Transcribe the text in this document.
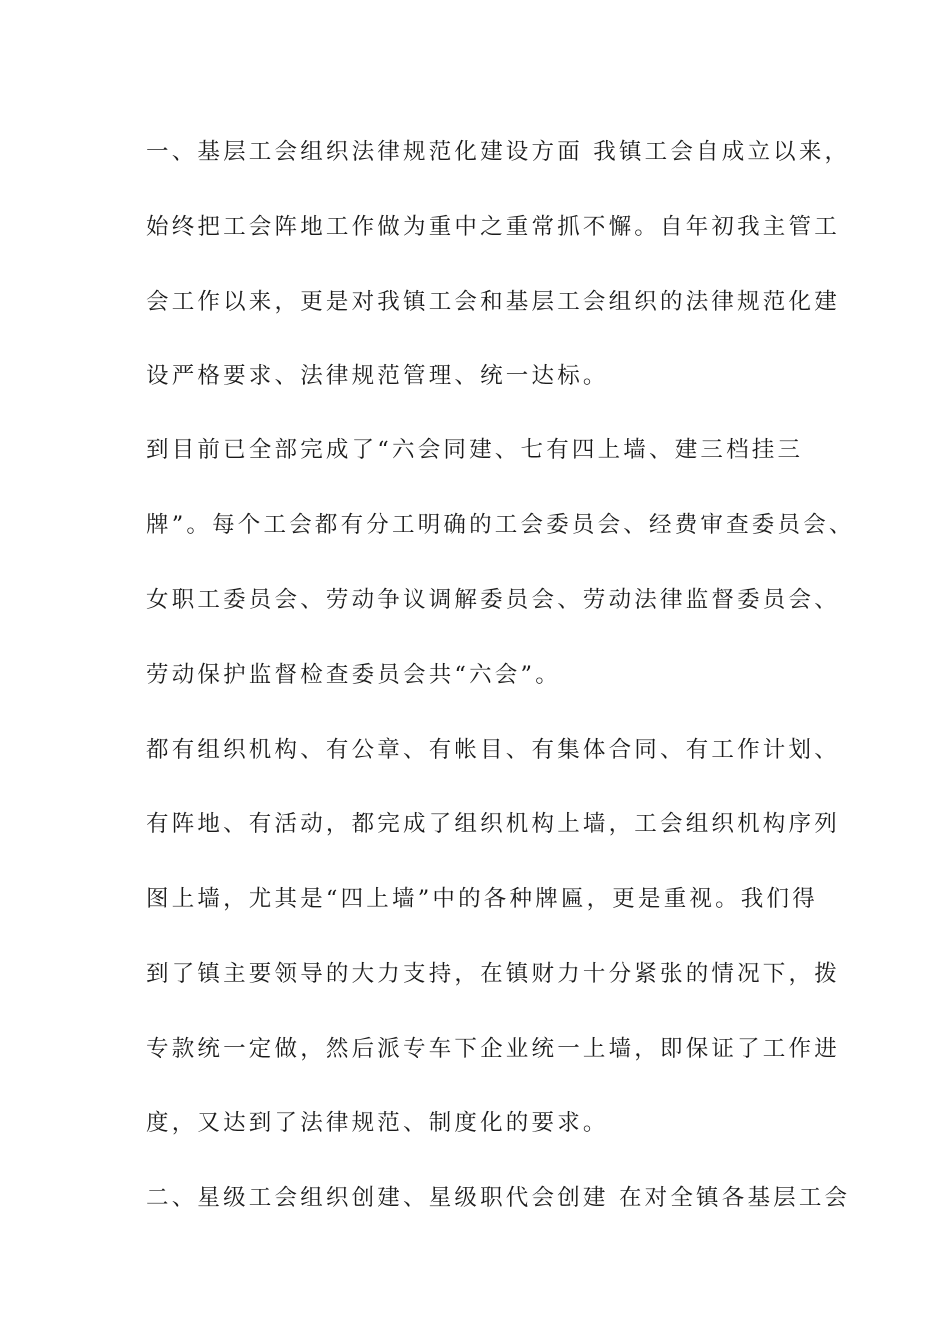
一、基层工会组织法律规范化建设方面 我镇工会自成立以来，
始终把工会阵地工作做为重中之重常抓不懈。自年初我主管工
会工作以来，更是对我镇工会和基层工会组织的法律规范化建
设严格要求、法律规范管理、统一达标。
到目前已全部完成了“六会同建、七有四上墙、建三档挂三
牌”。每个工会都有分工明确的工会委员会、经费审查委员会、
女职工委员会、劳动争议调解委员会、劳动法律监督委员会、
劳动保护监督检查委员会共“六会”。
都有组织机构、有公章、有帐目、有集体合同、有工作计划、
有阵地、有活动，都完成了组织机构上墙，工会组织机构序列
图上墙，尤其是“四上墙”中的各种牌匾，更是重视。我们得
到了镇主要领导的大力支持，在镇财力十分紧张的情况下，拨
专款统一定做，然后派专车下企业统一上墙，即保证了工作进
度，又达到了法律规范、制度化的要求。
二、星级工会组织创建、星级职代会创建 在对全镇各基层工会
